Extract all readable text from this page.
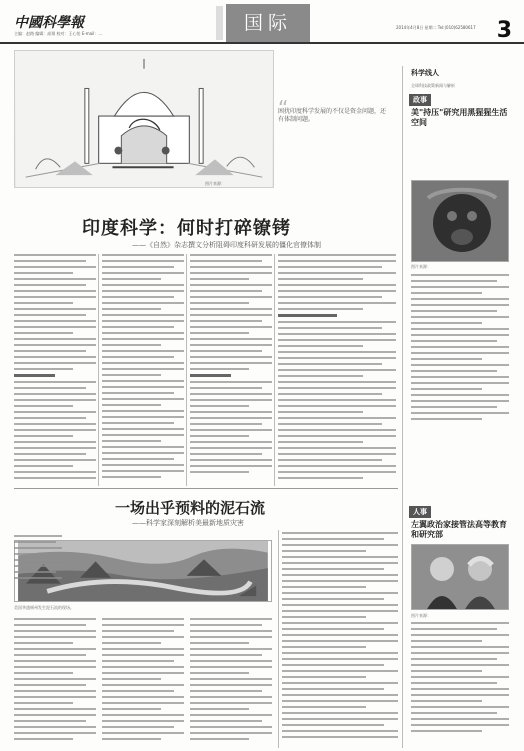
中國科學報
主编：赵路 编辑：高翔 校对：王心怡 E-mail：...	国际	2014年4月8日 星期二 Tel:(010)62580617 3
图片来源：
“
困扰印度科学发展的不仅是资金问题，还有体制问题。
印度科学：何时打碎镣铐
——《自然》杂志撰文分析阻碍印度科研发展的僵化官僚体制
一场出乎预料的泥石流
——科学家深刻解析美最新地质灾害
美国华盛顿州发生泥石流的现场。
科学线人
全球科技政策新闻与解析
政事
美"持压"研究用黑猩猩生活空间
图片来源：
人事
左翼政治家接管法高等教育和研究部
图片来源：
